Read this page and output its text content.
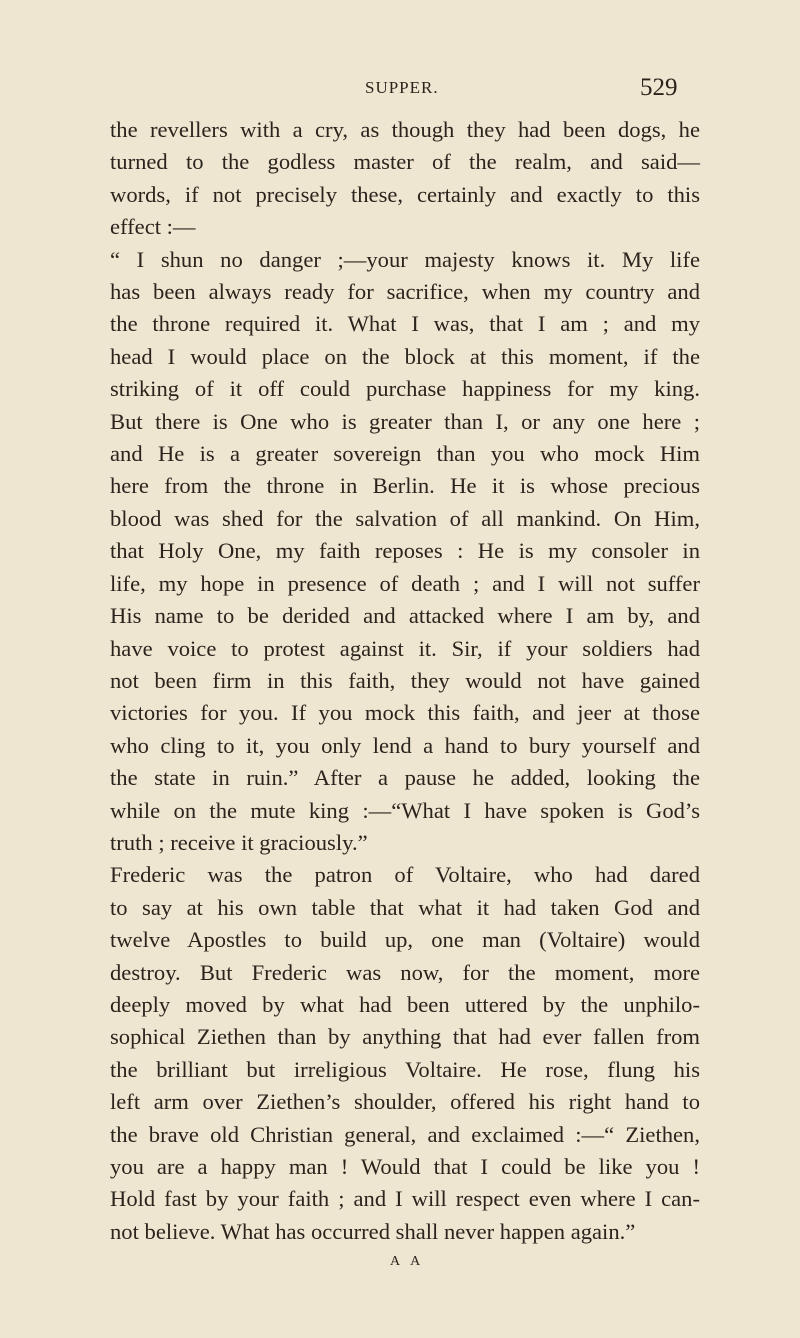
SUPPER.	529
the revellers with a cry, as though they had been dogs, he
turned to the godless master of the realm, and said—
words, if not precisely these, certainly and exactly to this
effect :—
“ I shun no danger ;—your majesty knows it. My life
has been always ready for sacrifice, when my country and
the throne required it. What I was, that I am ; and my
head I would place on the block at this moment, if the
striking of it off could purchase happiness for my king.
But there is One who is greater than I, or any one here ;
and He is a greater sovereign than you who mock Him
here from the throne in Berlin. He it is whose precious
blood was shed for the salvation of all mankind. On Him,
that Holy One, my faith reposes : He is my consoler in
life, my hope in presence of death ; and I will not suffer
His name to be derided and attacked where I am by, and
have voice to protest against it. Sir, if your soldiers had
not been firm in this faith, they would not have gained
victories for you. If you mock this faith, and jeer at those
who cling to it, you only lend a hand to bury yourself and
the state in ruin.” After a pause he added, looking the
while on the mute king :—“What I have spoken is God’s
truth ; receive it graciously.”
Frederic was the patron of Voltaire, who had dared
to say at his own table that what it had taken God and
twelve Apostles to build up, one man (Voltaire) would
destroy. But Frederic was now, for the moment, more
deeply moved by what had been uttered by the unphilo-
sophical Ziethen than by anything that had ever fallen from
the brilliant but irreligious Voltaire. He rose, flung his
left arm over Ziethen’s shoulder, offered his right hand to
the brave old Christian general, and exclaimed :—“ Ziethen,
you are a happy man ! Would that I could be like you !
Hold fast by your faith ; and I will respect even where I can-
not believe. What has occurred shall never happen again.”
A A
